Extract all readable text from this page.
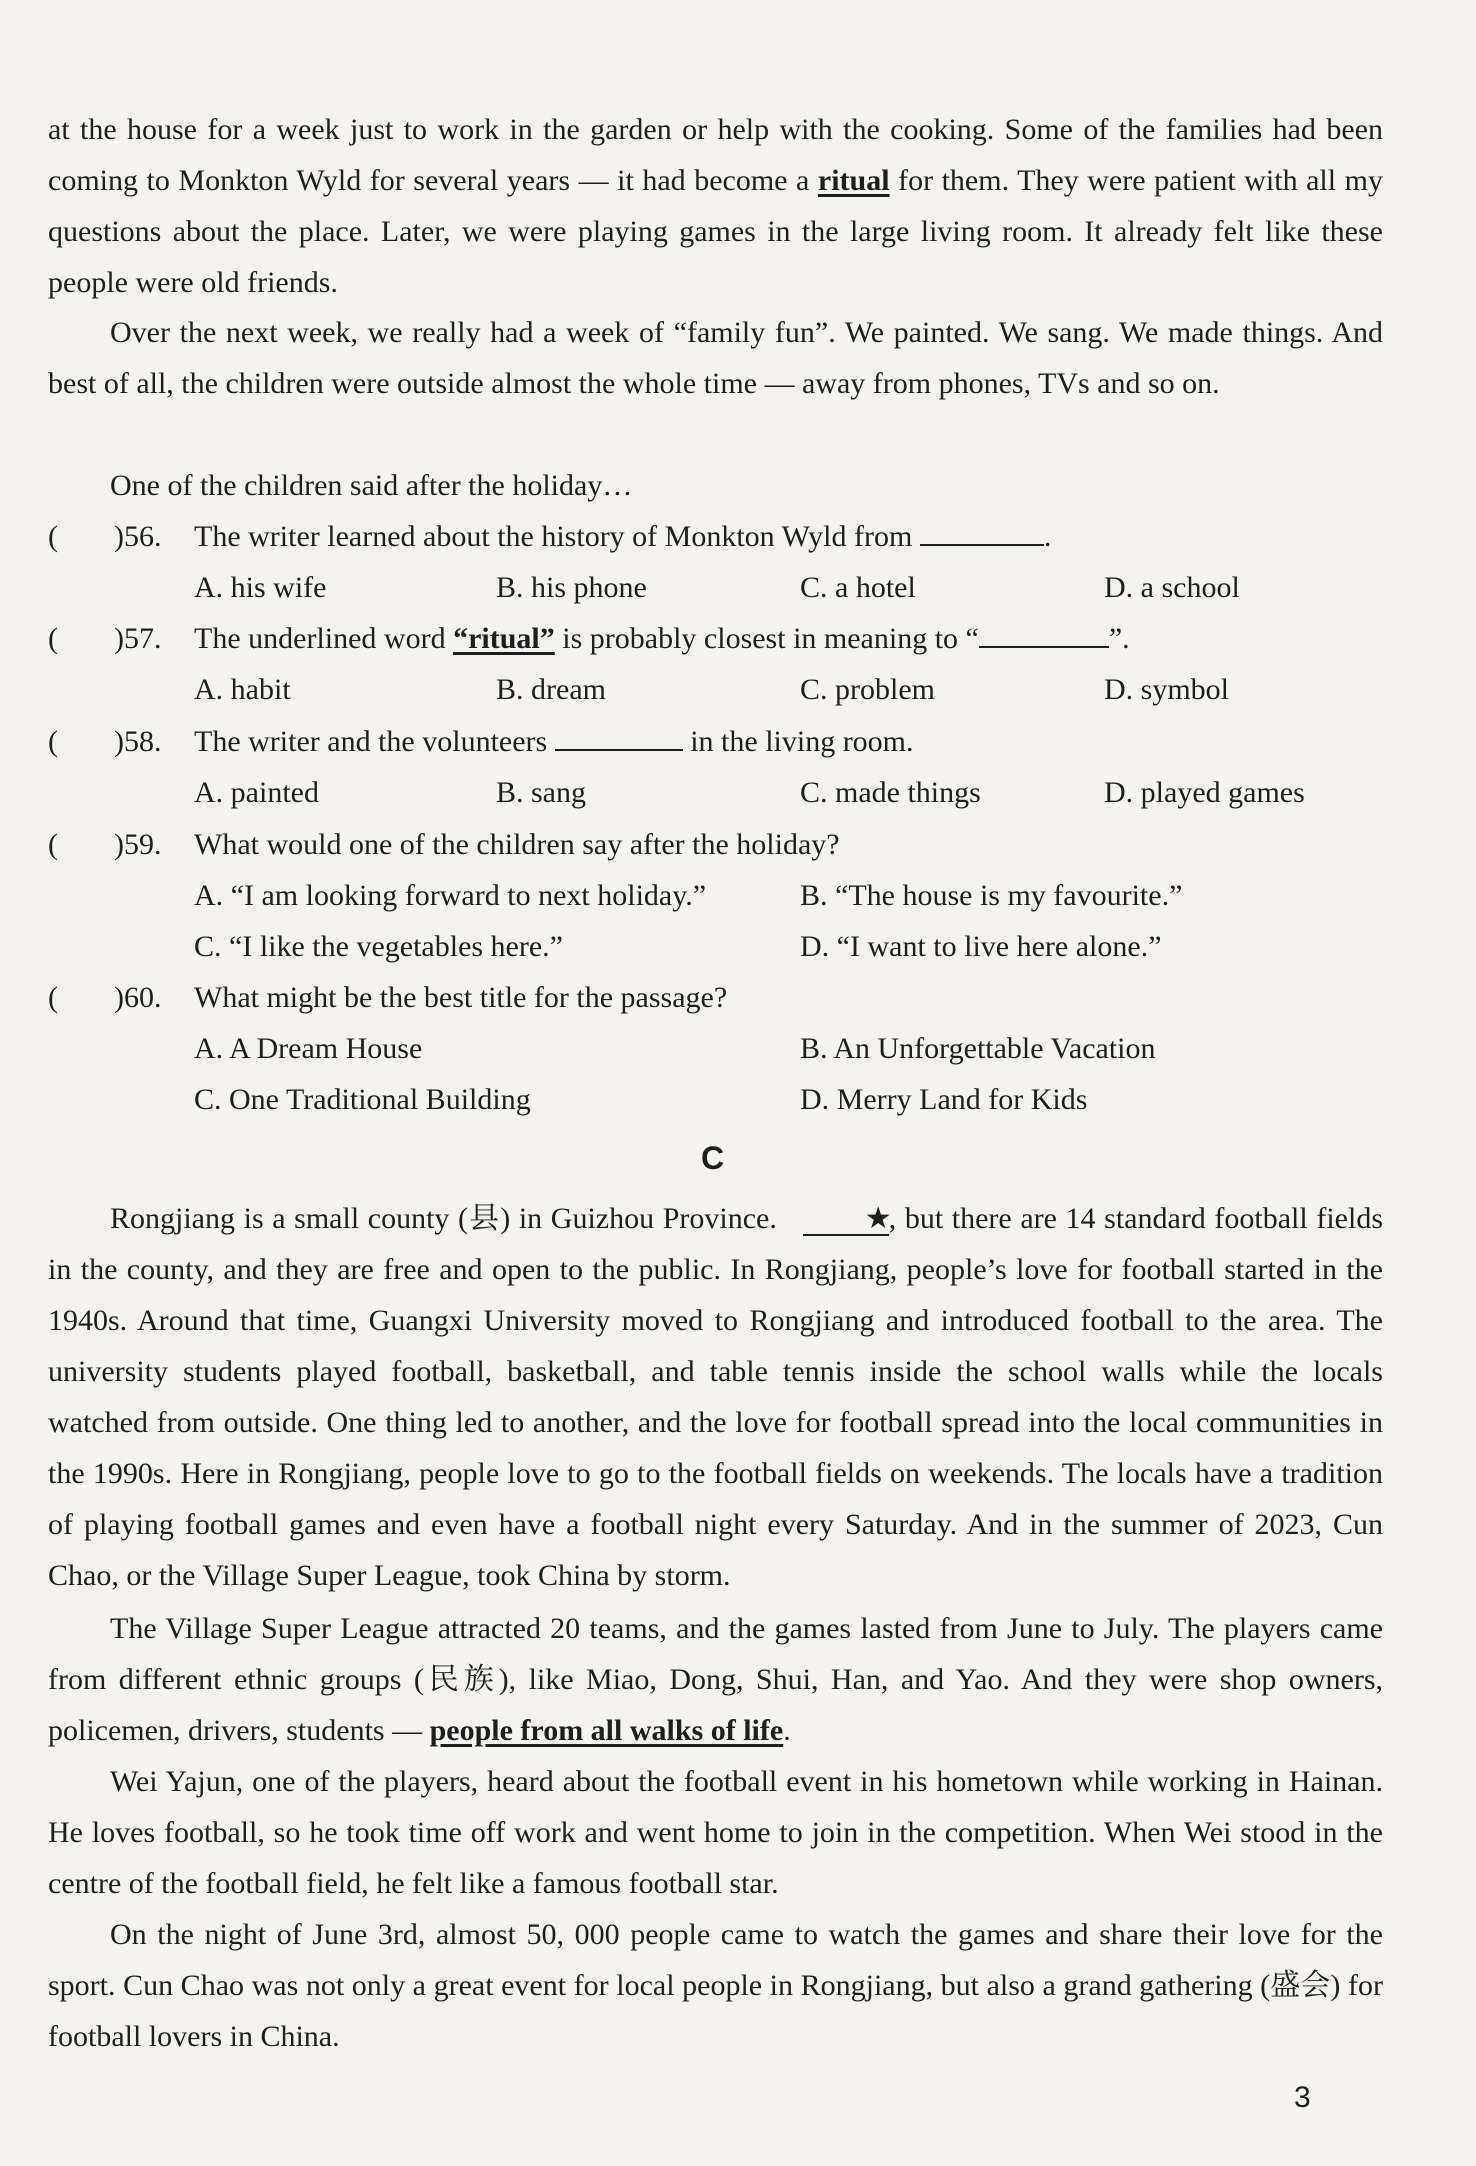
at the house for a week just to work in the garden or help with the cooking. Some of the families had been coming to Monkton Wyld for several years — it had become a ritual for them. They were patient with all my questions about the place. Later, we were playing games in the large living room. It already felt like these people were old friends.

Over the next week, we really had a week of “family fun”. We painted. We sang. We made things. And best of all, the children were outside almost the whole time — away from phones, TVs and so on.

One of the children said after the holiday…

( )56. The writer learned about the history of Monkton Wyld from	.
A. his wife	B. his phone	C. a hotel	D. a school
( )57. The underlined word “ritual” is probably closest in meaning to “	”.
A. habit	B. dream	C. problem	D. symbol
( )58. The writer and the volunteers	in the living room.
A. painted	B. sang	C. made things	D. played games
( )59. What would one of the children say after the holiday?
A. “I am looking forward to next holiday.”	B. “The house is my favourite.”
C. “I like the vegetables here.”	D. “I want to live here alone.”
( )60. What might be the best title for the passage?
A. A Dream House	B. An Unforgettable Vacation
C. One Traditional Building	D. Merry Land for Kids
C

Rongjiang is a small county (县) in Guizhou Province.	★, but there are 14 standard football fields in the county, and they are free and open to the public. In Rongjiang, people’s love for football started in the 1940s. Around that time, Guangxi University moved to Rongjiang and introduced football to the area. The university students played football, basketball, and table tennis inside the school walls while the locals watched from outside. One thing led to another, and the love for football spread into the local communities in the 1990s. Here in Rongjiang, people love to go to the football fields on weekends. The locals have a tradition of playing football games and even have a football night every Saturday. And in the summer of 2023, Cun Chao, or the Village Super League, took China by storm.

The Village Super League attracted 20 teams, and the games lasted from June to July. The players came from different ethnic groups (民族), like Miao, Dong, Shui, Han, and Yao. And they were shop owners, policemen, drivers, students — people from all walks of life.

Wei Yajun, one of the players, heard about the football event in his hometown while working in Hainan. He loves football, so he took time off work and went home to join in the competition. When Wei stood in the centre of the football field, he felt like a famous football star.

On the night of June 3rd, almost 50, 000 people came to watch the games and share their love for the sport. Cun Chao was not only a great event for local people in Rongjiang, but also a grand gathering (盛会) for football lovers in China.

3
